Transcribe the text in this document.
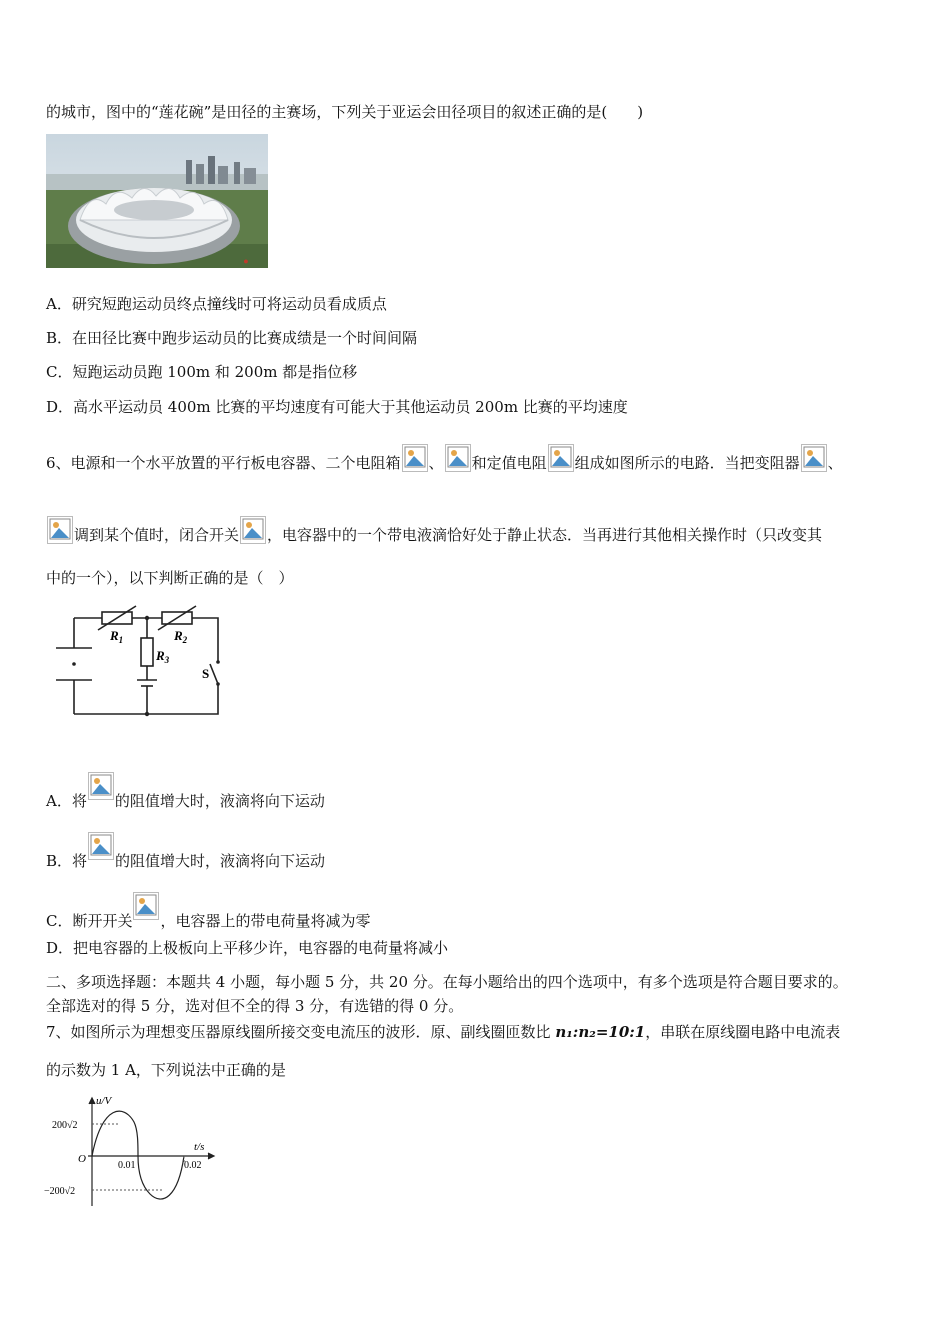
的城市，图中的“莲花碗”是田径的主赛场，下列关于亚运会田径项目的叙述正确的是(　　)
●
A．研究短跑运动员终点撞线时可将运动员看成质点
B．在田径比赛中跑步运动员的比赛成绩是一个时间间隔
C．短跑运动员跑 100m 和 200m 都是指位移
D．高水平运动员 400m 比赛的平均速度有可能大于其他运动员 200m 比赛的平均速度
6、电源和一个水平放置的平行板电容器、二个电阻箱 、 和定值电阻 组成如图所示的电路．当把变阻器 、
调到某个值时，闭合开关 ，电容器中的一个带电液滴恰好处于静止状态．当再进行其他相关操作时（只改变其
中的一个），以下判断正确的是（　）
$R_1$	$R_2$
$R_3$
S
A．将 的阻值增大时，液滴将向下运动
B．将 的阻值增大时，液滴将向下运动
C．断开开关 ，电容器上的带电荷量将减为零
D．把电容器的上极板向上平移少许，电容器的电荷量将减小
二、多项选择题：本题共 4 小题，每小题 5 分，共 20 分。在每小题给出的四个选项中，有多个选项是符合题目要求的。
全部选对的得 5 分，选对但不全的得 3 分，有选错的得 0 分。
7、如图所示为理想变压器原线圈所接交变电流压的波形．原、副线圈匝数比 n₁:n₂=10:1，串联在原线圈电路中电流表
的示数为 1 A，下列说法中正确的是
u/V
t/s
O
200√2
−200√2
0.01	0.02
